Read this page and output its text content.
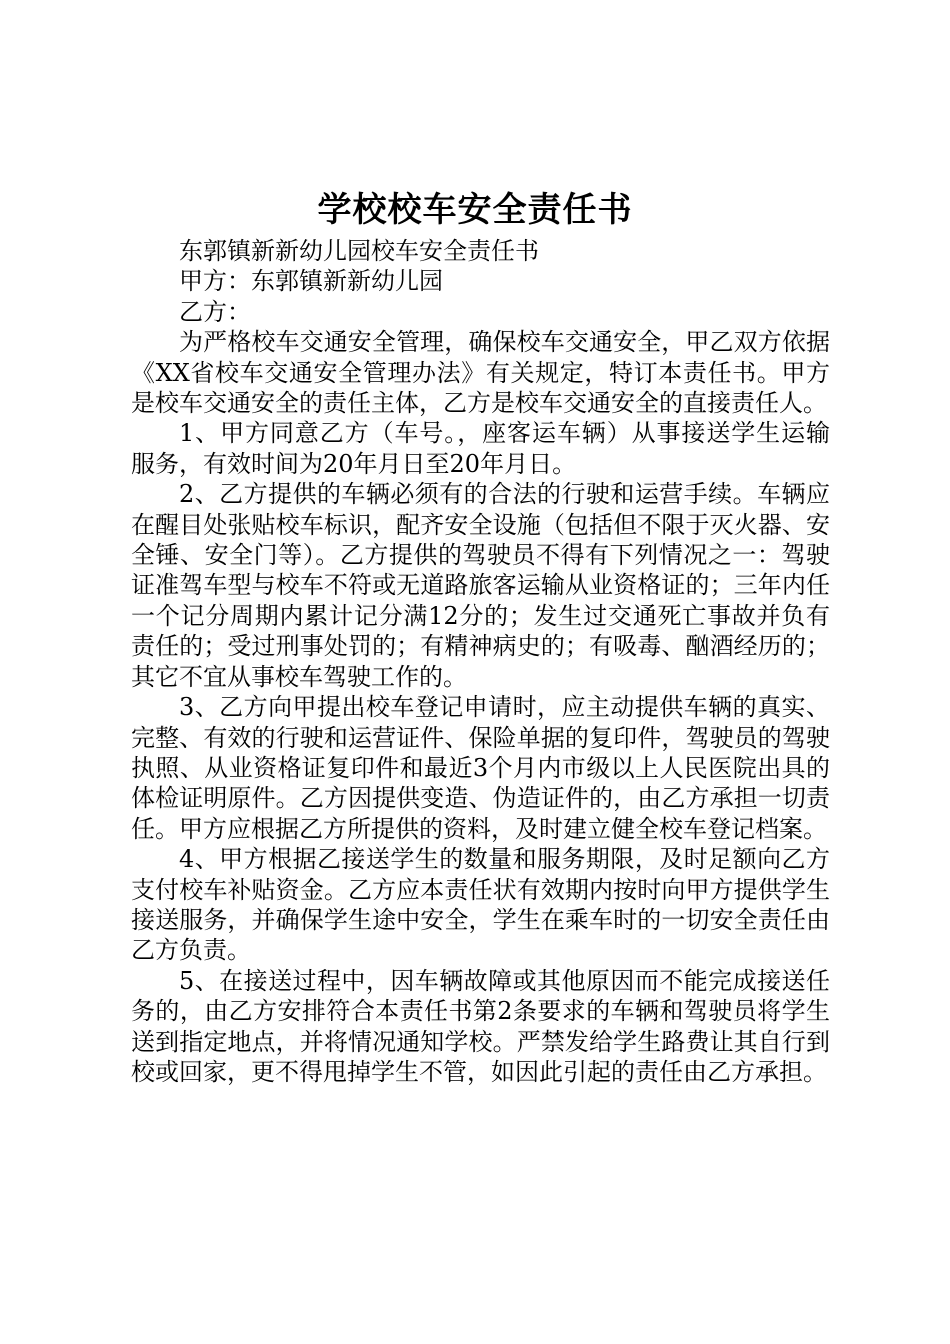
学校校车安全责任书

东郭镇新新幼儿园校车安全责任书

甲方：东郭镇新新幼儿园

乙方：

为严格校车交通安全管理，确保校车交通安全，甲乙双方依据《XX省校车交通安全管理办法》有关规定，特订本责任书。甲方是校车交通安全的责任主体，乙方是校车交通安全的直接责任人。

1、甲方同意乙方（车号。，座客运车辆）从事接送学生运输服务，有效时间为20年月日至20年月日。

2、乙方提供的车辆必须有的合法的行驶和运营手续。车辆应在醒目处张贴校车标识，配齐安全设施（包括但不限于灭火器、安全锤、安全门等）。乙方提供的驾驶员不得有下列情况之一：驾驶证准驾车型与校车不符或无道路旅客运输从业资格证的；三年内任一个记分周期内累计记分满12分的；发生过交通死亡事故并负有责任的；受过刑事处罚的；有精神病史的；有吸毒、酗酒经历的；其它不宜从事校车驾驶工作的。

3、乙方向甲提出校车登记申请时，应主动提供车辆的真实、完整、有效的行驶和运营证件、保险单据的复印件，驾驶员的驾驶执照、从业资格证复印件和最近3个月内市级以上人民医院出具的体检证明原件。乙方因提供变造、伪造证件的，由乙方承担一切责任。甲方应根据乙方所提供的资料，及时建立健全校车登记档案。

4、甲方根据乙接送学生的数量和服务期限，及时足额向乙方支付校车补贴资金。乙方应本责任状有效期内按时向甲方提供学生接送服务，并确保学生途中安全，学生在乘车时的一切安全责任由乙方负责。

5、在接送过程中，因车辆故障或其他原因而不能完成接送任务的，由乙方安排符合本责任书第2条要求的车辆和驾驶员将学生送到指定地点，并将情况通知学校。严禁发给学生路费让其自行到校或回家，更不得甩掉学生不管，如因此引起的责任由乙方承担。
